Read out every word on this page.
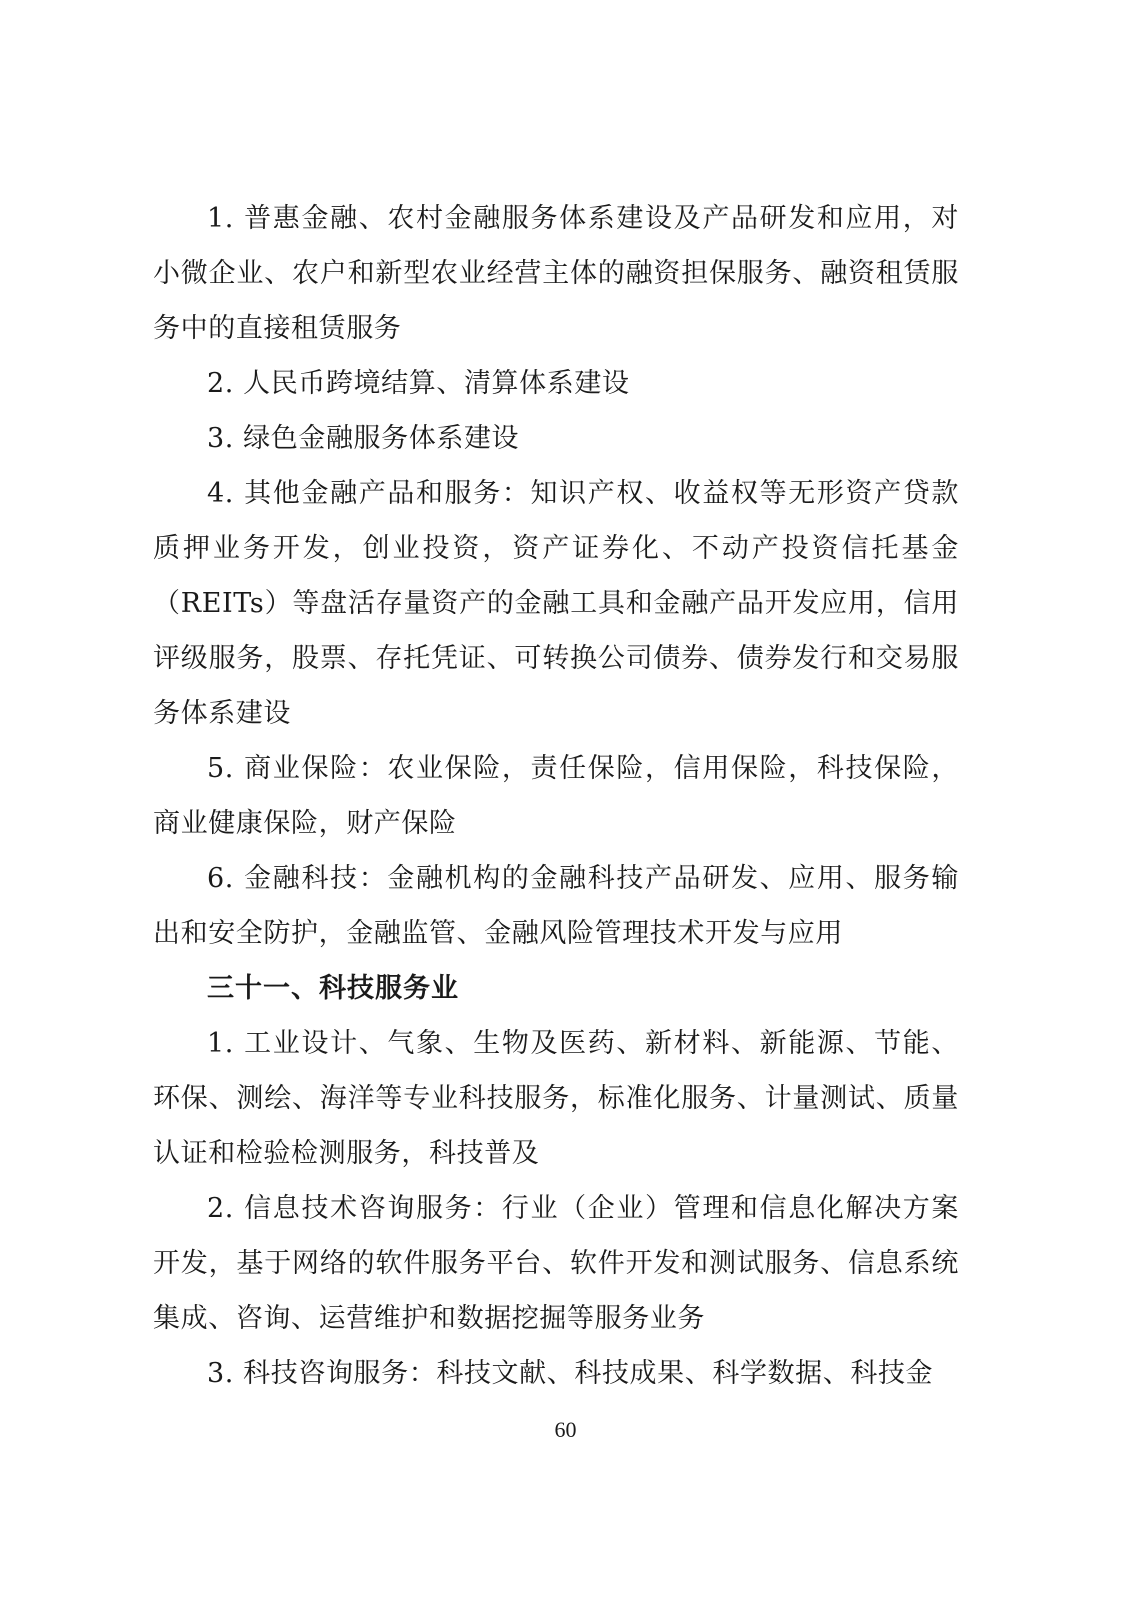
1. 普惠金融、农村金融服务体系建设及产品研发和应用，对小微企业、农户和新型农业经营主体的融资担保服务、融资租赁服务中的直接租赁服务

2. 人民币跨境结算、清算体系建设

3. 绿色金融服务体系建设

4. 其他金融产品和服务：知识产权、收益权等无形资产贷款质押业务开发，创业投资，资产证券化、不动产投资信托基金（REITs）等盘活存量资产的金融工具和金融产品开发应用，信用评级服务，股票、存托凭证、可转换公司债券、债券发行和交易服务体系建设

5. 商业保险：农业保险，责任保险，信用保险，科技保险，商业健康保险，财产保险

6. 金融科技：金融机构的金融科技产品研发、应用、服务输出和安全防护，金融监管、金融风险管理技术开发与应用

三十一、科技服务业

1. 工业设计、气象、生物及医药、新材料、新能源、节能、环保、测绘、海洋等专业科技服务，标准化服务、计量测试、质量认证和检验检测服务，科技普及

2. 信息技术咨询服务：行业（企业）管理和信息化解决方案开发，基于网络的软件服务平台、软件开发和测试服务、信息系统集成、咨询、运营维护和数据挖掘等服务业务

3. 科技咨询服务：科技文献、科技成果、科学数据、科技金

60
